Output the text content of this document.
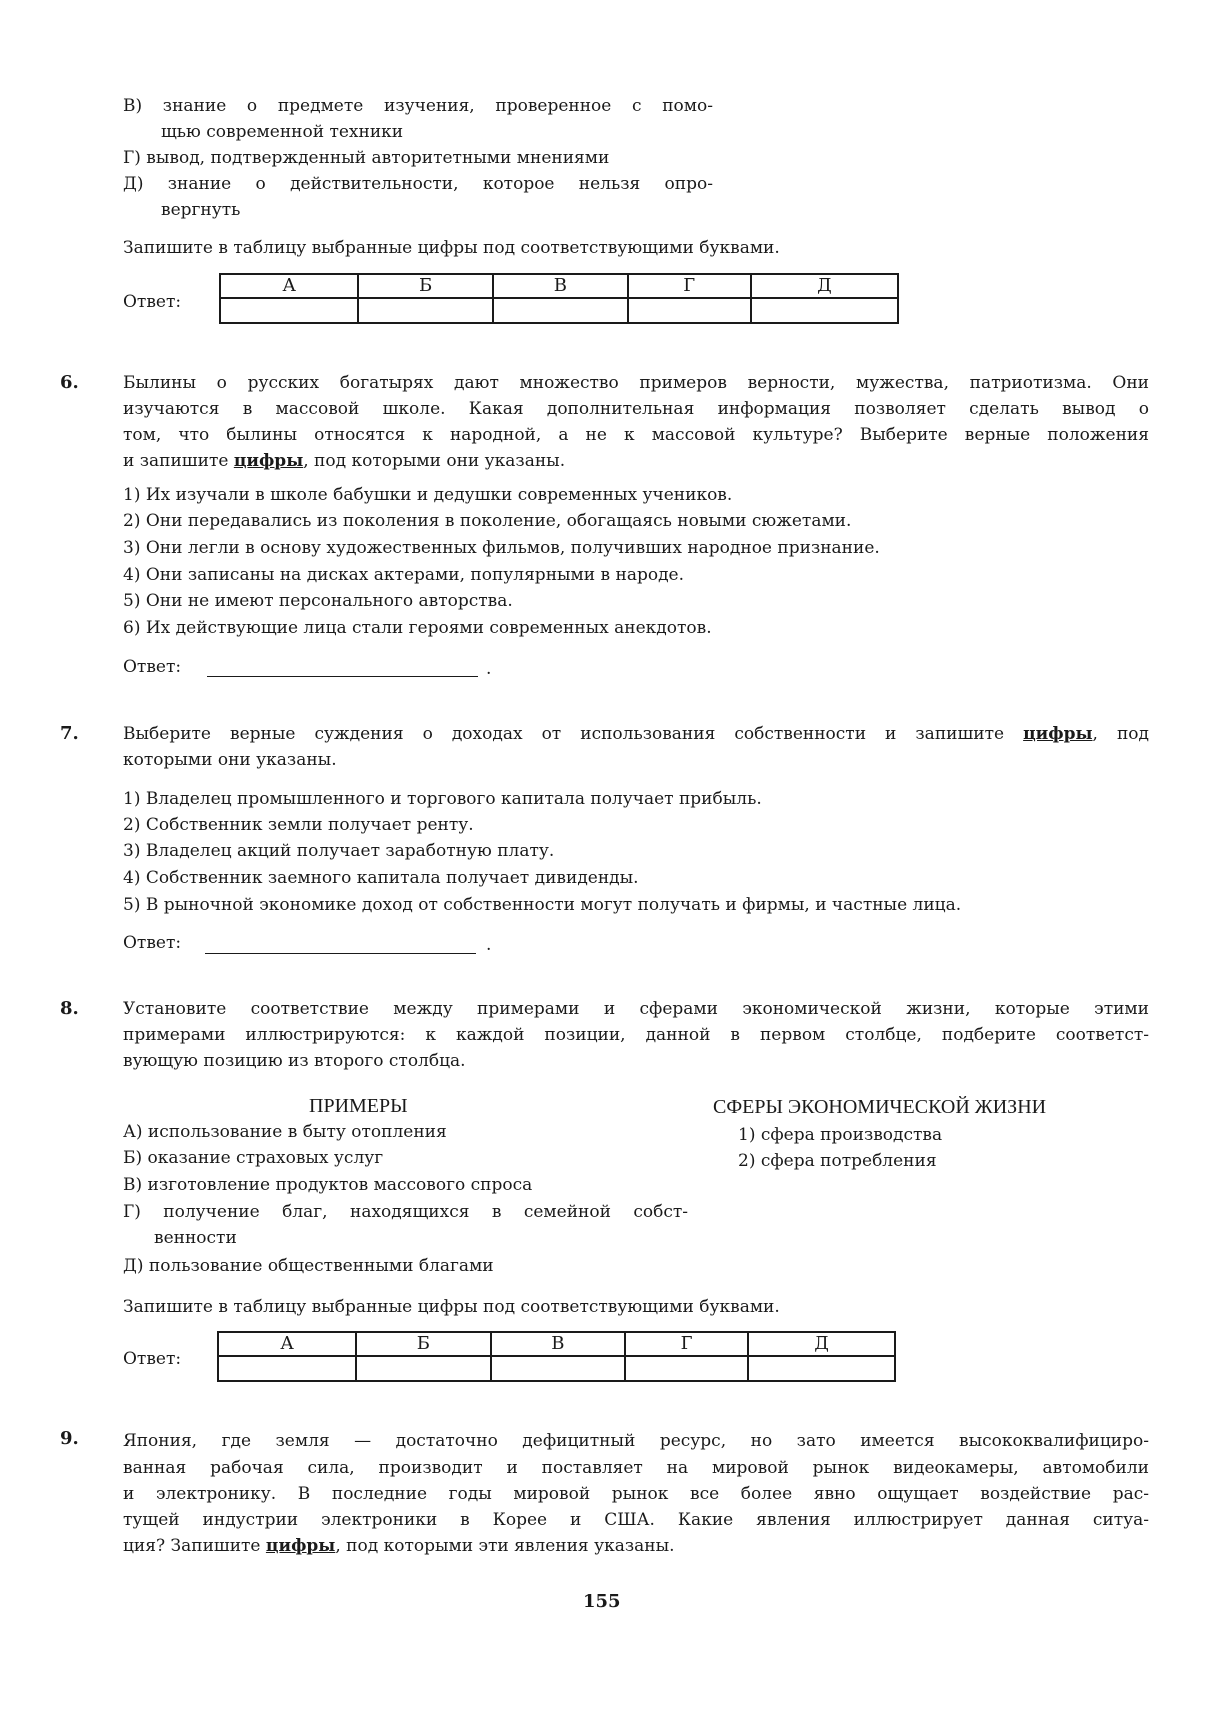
В) знание о предмете изучения, проверенное с помо-
щью современной техники
Г) вывод, подтвержденный авторитетными мнениями
Д) знание о действительности, которое нельзя опро-
вергнуть
Запишите в таблицу выбранные цифры под соответствующими буквами.
Ответ:
А	Б	В	Г	Д

6.	Былины о русских богатырях дают множество примеров верности, мужества, патриотизма. Они
изучаются в массовой школе. Какая дополнительная информация позволяет сделать вывод о
том, что былины относятся к народной, а не к массовой культуре? Выберите верные положения
и запишите цифры, под которыми они указаны.
1) Их изучали в школе бабушки и дедушки современных учеников.
2) Они передавались из поколения в поколение, обогащаясь новыми сюжетами.
3) Они легли в основу художественных фильмов, получивших народное признание.
4) Они записаны на дисках актерами, популярными в народе.
5) Они не имеют персонального авторства.
6) Их действующие лица стали героями современных анекдотов.
Ответ:	.
7.	Выберите верные суждения о доходах от использования собственности и запишите цифры, под
которыми они указаны.
1) Владелец промышленного и торгового капитала получает прибыль.
2) Собственник земли получает ренту.
3) Владелец акций получает заработную плату.
4) Собственник заемного капитала получает дивиденды.
5) В рыночной экономике доход от собственности могут получать и фирмы, и частные лица.
Ответ:	.
8.	Установите соответствие между примерами и сферами экономической жизни, которые этими
примерами иллюстрируются: к каждой позиции, данной в первом столбце, подберите соответст-
вующую позицию из второго столбца.
ПРИМЕРЫ	СФЕРЫ ЭКОНОМИЧЕСКОЙ ЖИЗНИ
А) использование в быту отопления
Б) оказание страховых услуг
В) изготовление продуктов массового спроса
Г) получение благ, находящихся в семейной собст-
венности
Д) пользование общественными благами
1) сфера производства
2) сфера потребления
Запишите в таблицу выбранные цифры под соответствующими буквами.
Ответ:
А	Б	В	Г	Д

9.	Япония, где земля — достаточно дефицитный ресурс, но зато имеется высококвалифициро-
ванная рабочая сила, производит и поставляет на мировой рынок видеокамеры, автомобили
и электронику. В последние годы мировой рынок все более явно ощущает воздействие рас-
тущей индустрии электроники в Корее и США. Какие явления иллюстрирует данная ситуа-
ция? Запишите цифры, под которыми эти явления указаны.
155
